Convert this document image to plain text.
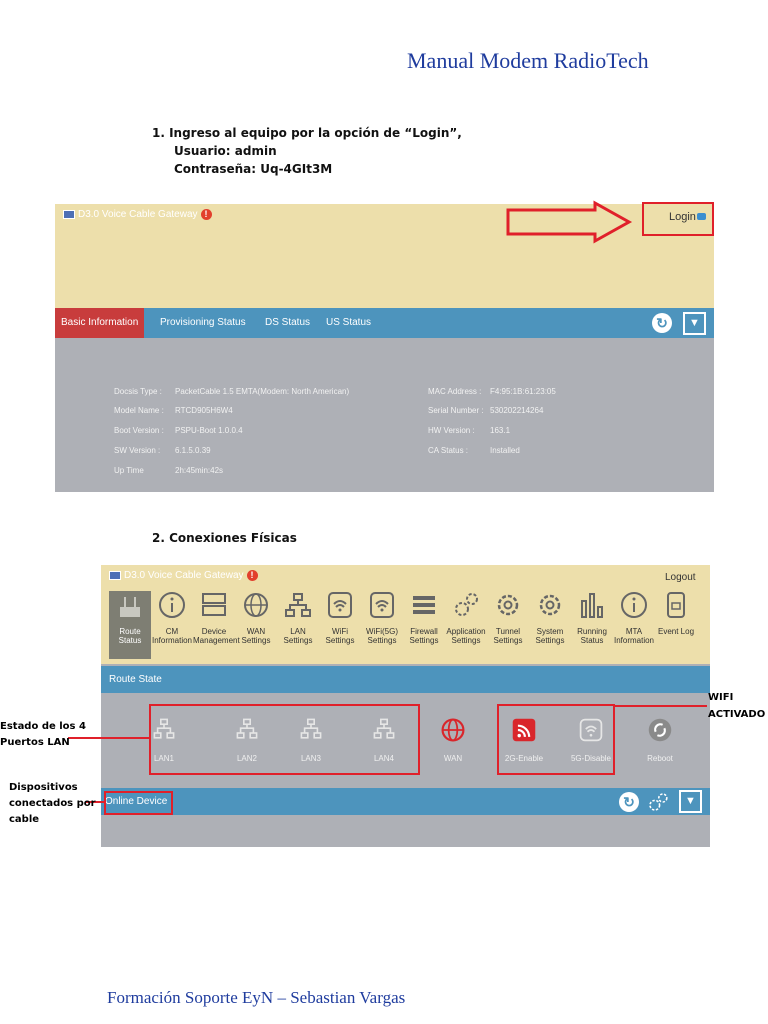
Manual Modem RadioTech
1. Ingreso al equipo por la opción de “Login”,
Usuario: admin
Contraseña: Uq-4GIt3M
D3.0 Voice Cable Gateway !	Login
Basic Information	Provisioning Status DS Status US Status	↻	▼
Docsis Type : PacketCable 1.5 EMTA(Modem: North American)
Model Name : RTCD905H6W4
Boot Version : PSPU-Boot 1.0.0.4
SW Version : 6.1.5.0.39
Up Time	2h:45min:42s
MAC Address : F4:95:1B:61:23:05
Serial Number : 530202214264
HW Version : 163.1
CA Status :	Installed
2. Conexiones Físicas
D3.0 Voice Cable Gateway !	Logout
Route
Status
CM
Information
Device
Management
WAN
Settings
LAN
Settings
WiFi
Settings
WiFi(5G)
Settings
Firewall
Settings
Application
Settings
Tunnel
Settings
System
Settings
Running
Status
MTA
Information
Event Log
Route State
LAN1	LAN2	LAN3	LAN4	WAN	2G-Enable	5G-Disable	Reboot
Online Device	↻	▼
Estado de los 4
Puertos LAN
WIFI
ACTIVADO
Dispositivos
conectados por
cable
Formación Soporte EyN – Sebastian Vargas
